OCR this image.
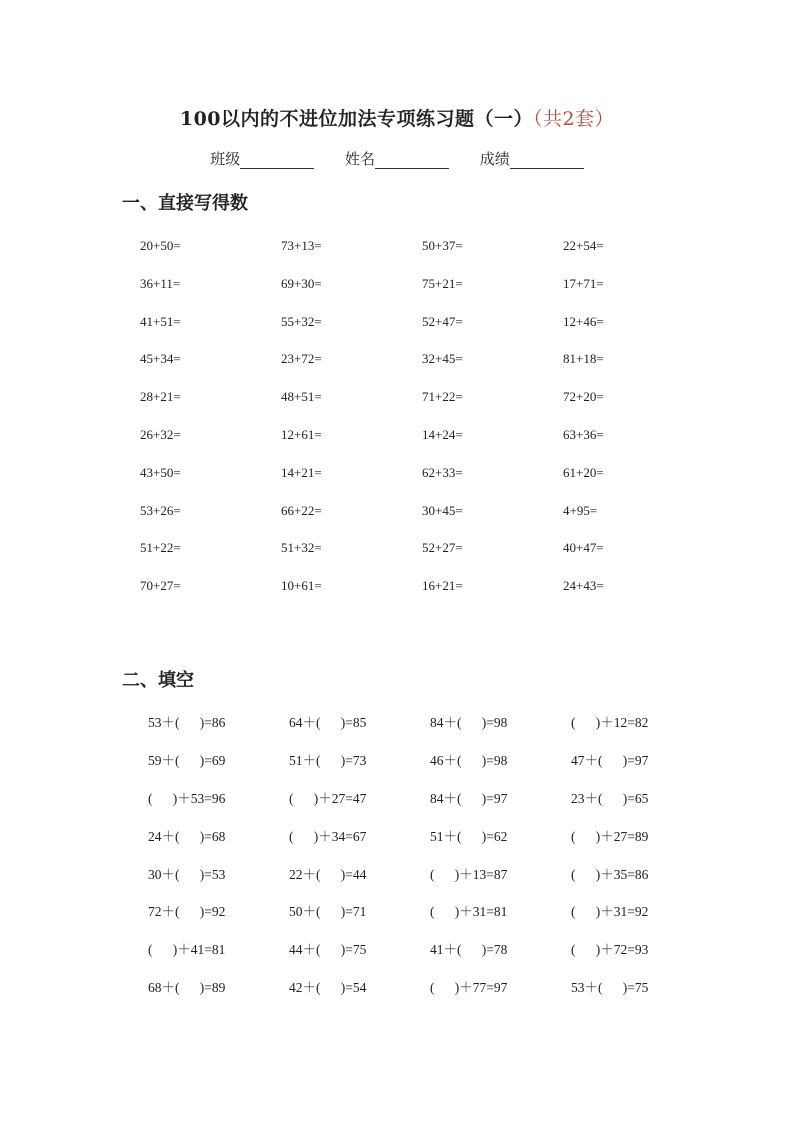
100以内的不进位加法专项练习题（一）（共2套）
班级	姓名	成绩
一、直接写得数
20+50=	73+13=	50+37=	22+54=
36+11=	69+30=	75+21=	17+71=
41+51=	55+32=	52+47=	12+46=
45+34=	23+72=	32+45=	81+18=
28+21=	48+51=	71+22=	72+20=
26+32=	12+61=	14+24=	63+36=
43+50=	14+21=	62+33=	61+20=
53+26=	66+22=	30+45=	4+95=
51+22=	51+32=	52+27=	40+47=
70+27=	10+61=	16+21=	24+43=
二、填空
53＋(      )=86	64＋(      )=85	84＋(      )=98	(      )＋12=82
59＋(      )=69	51＋(      )=73	46＋(      )=98	47＋(      )=97
(      )＋53=96	(      )＋27=47	84＋(      )=97	23＋(      )=65
24＋(      )=68	(      )＋34=67	51＋(      )=62	(      )＋27=89
30＋(      )=53	22＋(      )=44	(      )＋13=87	(      )＋35=86
72＋(      )=92	50＋(      )=71	(      )＋31=81	(      )＋31=92
(      )＋41=81	44＋(      )=75	41＋(      )=78	(      )＋72=93
68＋(      )=89	42＋(      )=54	(      )＋77=97	53＋(      )=75
